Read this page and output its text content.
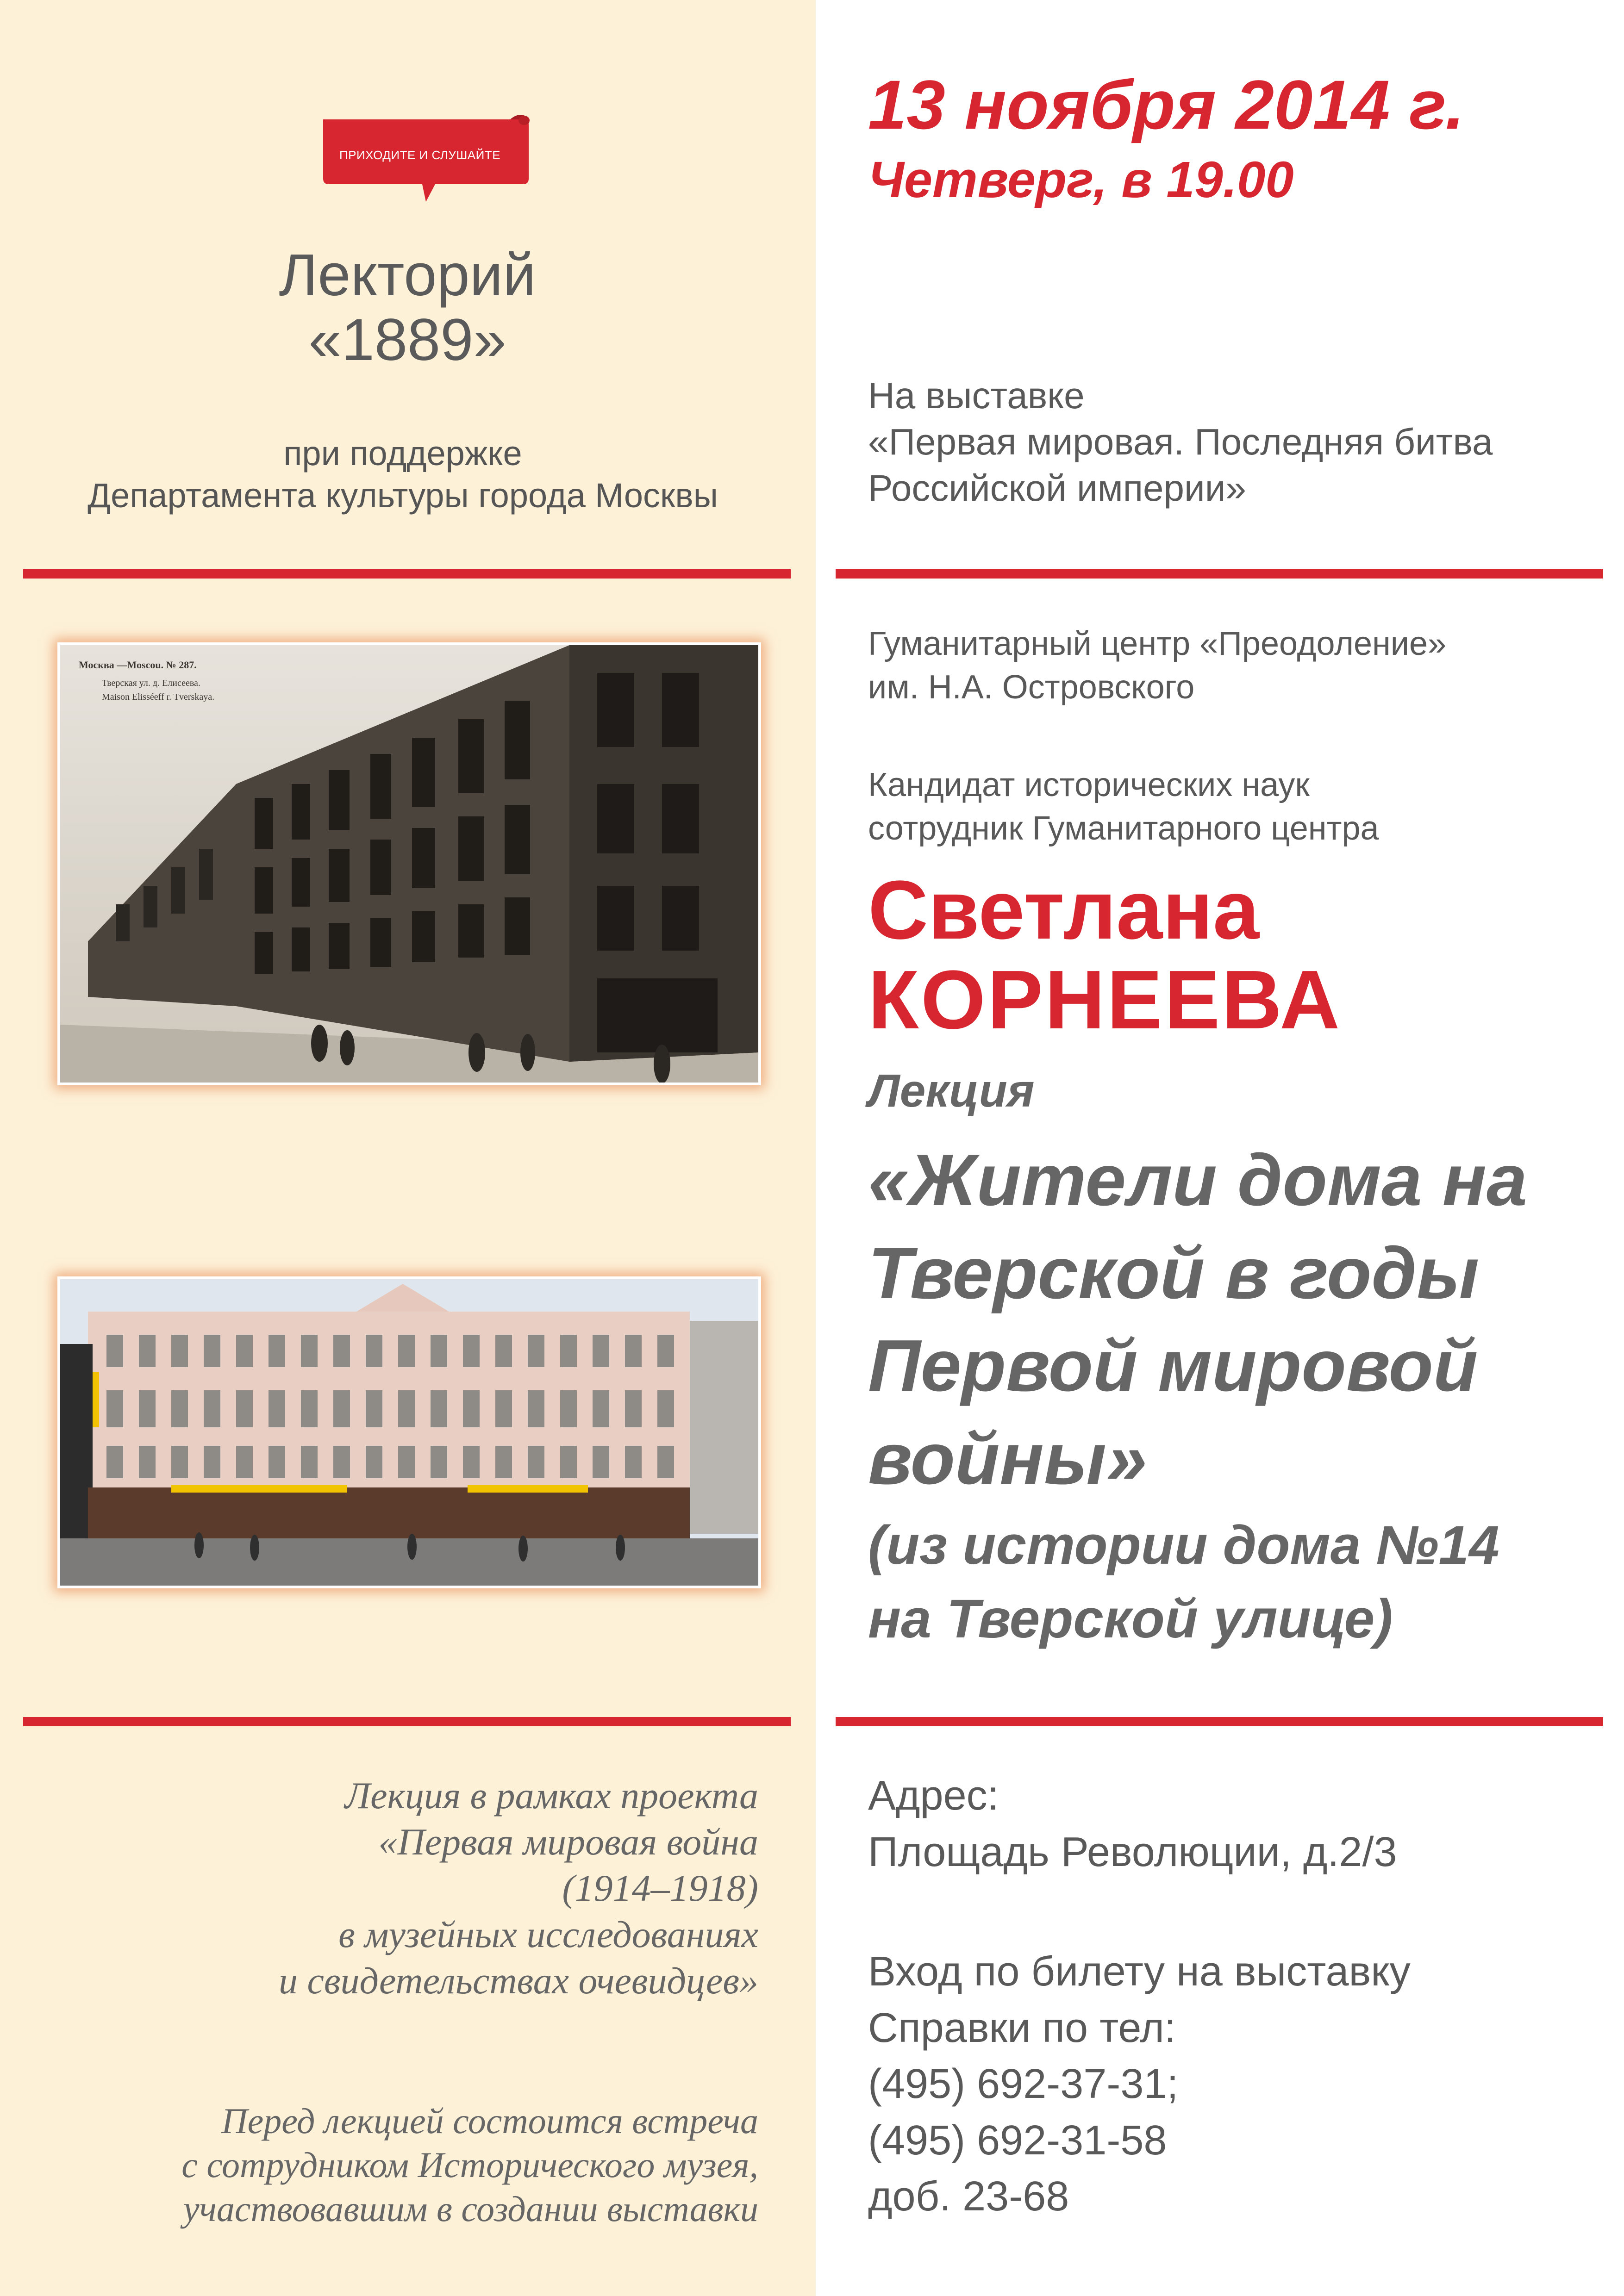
ПРИХОДИТЕ И СЛУШАЙТЕ
Лекторий
«1889»
при поддержке
Департамента культуры города Москвы
Москва —Moscou. № 287.
Тверская ул. д. Елисеева.
Maison Elisséeff r. Tverskaya.
Лекция в рамках проекта
«Первая мировая война
(1914–1918)
в музейных исследованиях
и свидетельствах очевидцев»
Перед лекцией состоится встреча
с сотрудником Исторического музея,
участвовавшим в создании выставки
13 ноября 2014 г.
Четверг, в 19.00
На выставке
«Первая мировая. Последняя битва
Российской империи»
Гуманитарный центр «Преодоление»
им. Н.А. Островского
Кандидат исторических наук
сотрудник Гуманитарного центра
Светлана
КОРНЕЕВА
Лекция
«Жители дома на
Тверской в годы
Первой мировой
войны»
(из истории дома №14
на Тверской улице)
Адрес:
Площадь Революции, д.2/3
Вход по билету на выставку
Справки по тел:
(495) 692-37-31;
(495) 692-31-58
доб. 23-68
